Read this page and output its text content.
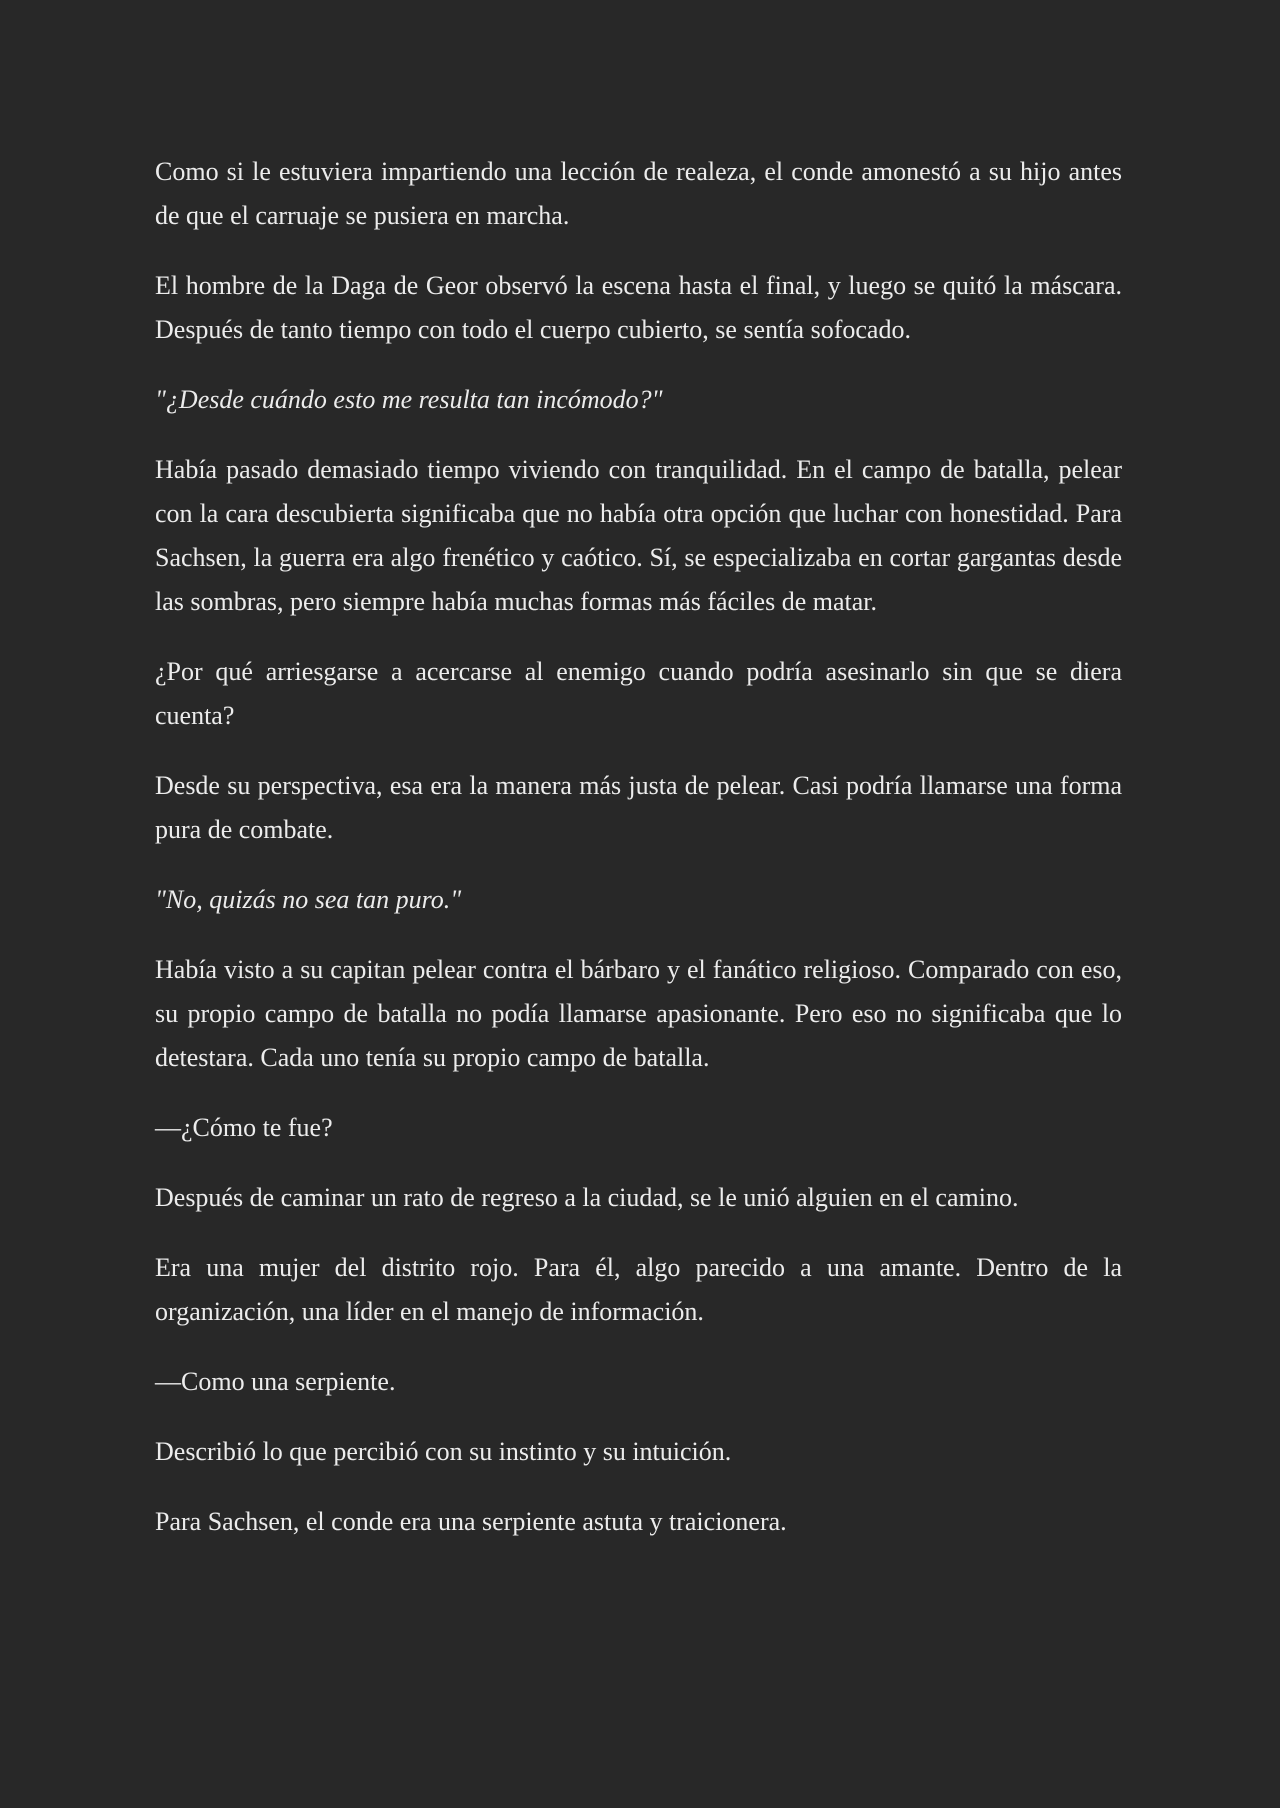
Como si le estuviera impartiendo una lección de realeza, el conde amonestó a su hijo antes de que el carruaje se pusiera en marcha.

El hombre de la Daga de Geor observó la escena hasta el final, y luego se quitó la máscara. Después de tanto tiempo con todo el cuerpo cubierto, se sentía sofocado.

"¿Desde cuándo esto me resulta tan incómodo?"

Había pasado demasiado tiempo viviendo con tranquilidad. En el campo de batalla, pelear con la cara descubierta significaba que no había otra opción que luchar con honestidad. Para Sachsen, la guerra era algo frenético y caótico. Sí, se especializaba en cortar gargantas desde las sombras, pero siempre había muchas formas más fáciles de matar.

¿Por qué arriesgarse a acercarse al enemigo cuando podría asesinarlo sin que se diera cuenta?

Desde su perspectiva, esa era la manera más justa de pelear. Casi podría llamarse una forma pura de combate.

"No, quizás no sea tan puro."

Había visto a su capitan pelear contra el bárbaro y el fanático religioso. Comparado con eso, su propio campo de batalla no podía llamarse apasionante. Pero eso no significaba que lo detestara. Cada uno tenía su propio campo de batalla.

—¿Cómo te fue?

Después de caminar un rato de regreso a la ciudad, se le unió alguien en el camino.

Era una mujer del distrito rojo. Para él, algo parecido a una amante. Dentro de la organización, una líder en el manejo de información.

—Como una serpiente.

Describió lo que percibió con su instinto y su intuición.

Para Sachsen, el conde era una serpiente astuta y traicionera.
